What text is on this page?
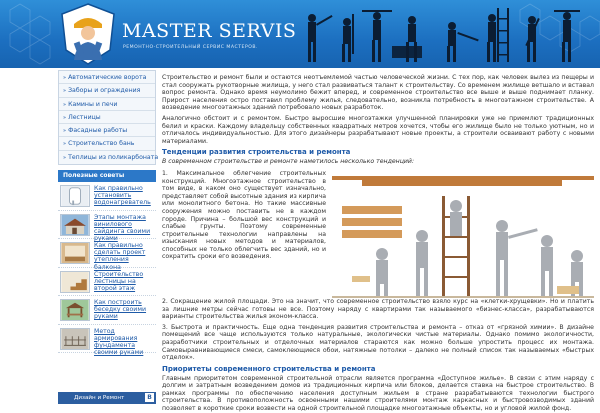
MASTER SERVIS
РЕМОНТНО-СТРОИТЕЛЬНЫЙ СЕРВИС МАСТЕРОВ.
» Автоматические ворота
» Заборы и ограждения
» Камины и печи
» Лестницы
» Фасадные работы
» Строительство бань
» Теплицы из поликарбоната
Полезные советы
Как правильно установить водонагреватель
Этапы монтажа винилового сайдинга своими руками
Как правильно сделать проект утепления балкона
Строительство лестницы на второй этаж
Как построить беседку своими руками
Метод армирования фундамента своими руками
Дизайн и Ремонт	В

Строительство и ремонт были и остаются неотъемлемой частью человеческой жизни. С тех пор, как человек вылез из пещеры и стал сооружать рукотворные жилища, у него стал развиваться талант к строительству. Со временем жилище ветшало и вставал вопрос ремонта. Однако время неумолимо бежит вперед, и современное строительство все выше и выше поднимает планку. Прирост населения остро поставил проблему жилья, следовательно, возникла потребность в многоэтажном строительстве. А возведение многоэтажных зданий потребовало новых разработок.

Аналогично обстоит и с ремонтом. Быстро выросшие многоэтажки улучшенной планировки уже не приемлют традиционных белил и краски. Каждому владельцу собственных квадратных метров хочется, чтобы его жилище было не только уютным, но и отличалось индивидуальностью. Для этого дизайнеры разрабатывают новые проекты, а строители осваивают работу с новыми материалами.

Тенденции развития строительства и ремонта

В современном строительстве и ремонте наметилось несколько тенденций:

1. Максимальное облегчение строительных конструкций. Многоэтажное строительство в том виде, в каком оно существует изначально, представляет собой высотные здания из кирпича или монолитного бетона. Но такие массивные сооружения можно поставить не в каждом городе. Причина – большой вес конструкций и слабые грунты. Поэтому современные строительные технологии направлены на изыскания новых методов и материалов, способных не только облегчить вес зданий, но и сократить сроки его возведения.

2. Сокращение жилой площади. Это на значит, что современное строительство взяло курс на «клетки-хрущевки». Но и платить за лишние метры сейчас готовы не все. Поэтому наряду с квартирами так называемого «бизнес-класса», разрабатываются варианты строительства жилья эконом-класса.

3. Быстрота и практичность. Еще одна тенденция развития строительства и ремонта – отказ от «грязной химии». В дизайне помещений все чаще используются только натуральные, экологически чистые материалы. Однако помимо экологичности, разработчики строительных и отделочных материалов стараются как можно больше упростить процесс их монтажа. Самовыравнивающиеся смеси, самоклеющиеся обои, натяжные потолки – далеко не полный список так называемых «быстрых отделок».

Приоритеты современного строительства и ремонта

Главным приоритетом современной строительной отрасли является программа «Доступное жилье». В связи с этим наряду с долгим и затратным возведением домов из традиционных кирпича или блоков, делается ставка на быстрое строительство. В рамках программы по обеспечению населения доступным жильем в стране разрабатываются технологии быстрого строительства. В противоположность освоенными нашими строителями монтаж каркасных и быстровозводимых зданий позволяет в короткие сроки возвести на одной строительной площадке многоэтажные объекты, но и угловой жилой фонд.
